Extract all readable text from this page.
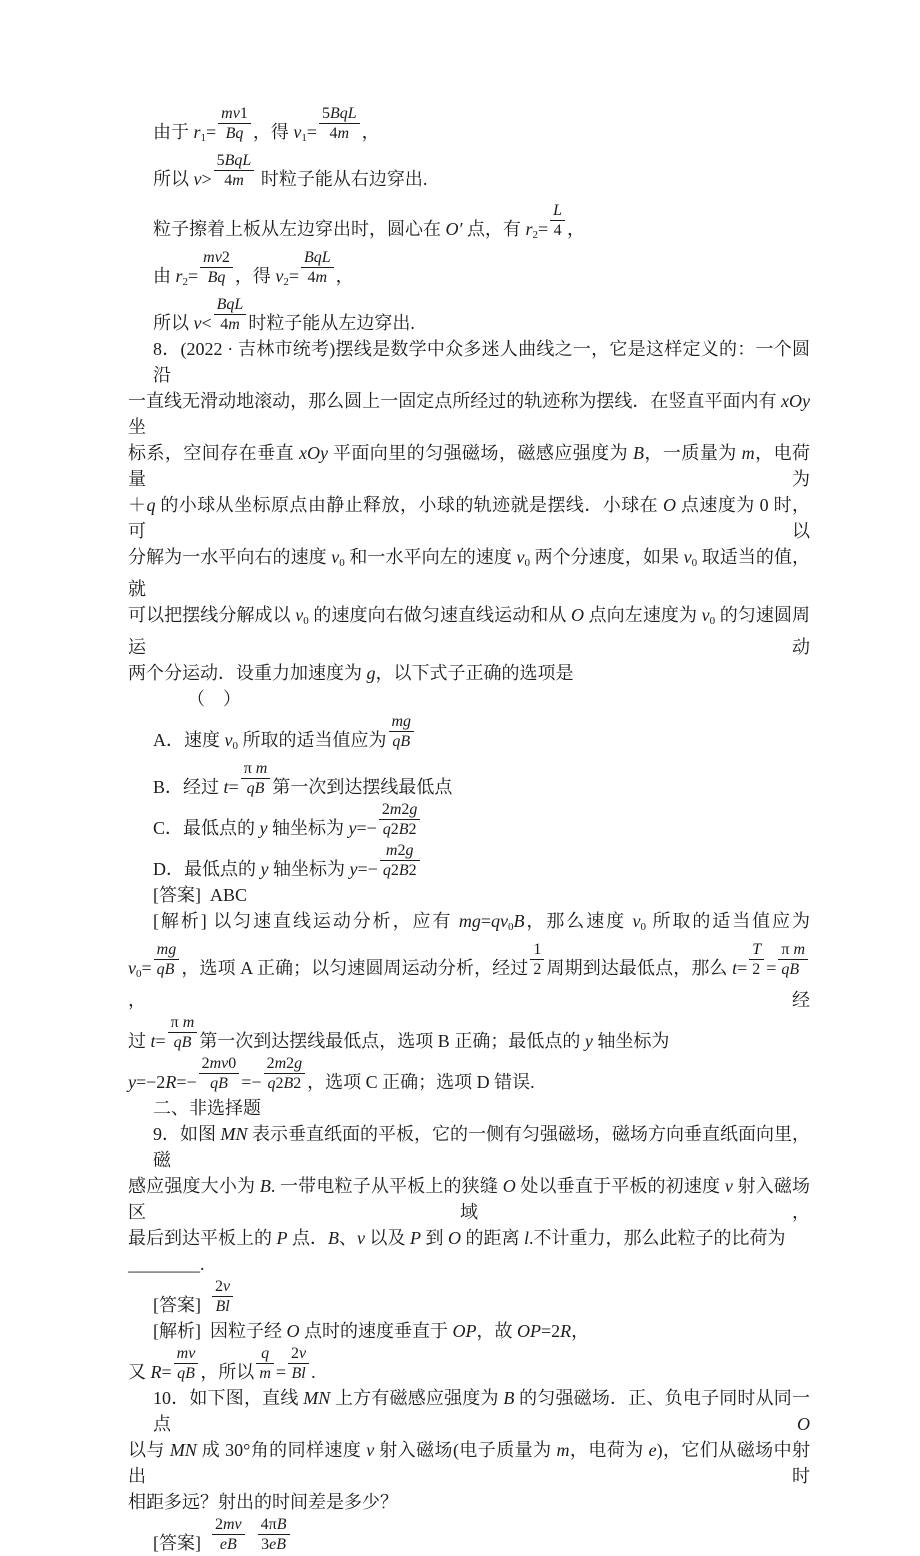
由于 $r1= \frac{mv1}{Bq}$ ，得 $v1= \frac{\text{5BqL}}{4m}$ ，
所以 $v> \frac{\text{5BqL}}{4m}$ 时粒子能从右边穿出.
粒子擦着上板从左边穿出时，圆心在 O′ 点，有 $r2= \frac{L}{4}$ ，
由 $r2= \frac{mv2}{Bq}$ ，得 $v2= \frac{\text{BqL}}{4m}$ ，
所以 $v< \frac{\text{BqL}}{4m}$ 时粒子能从左边穿出.
8．(2022 · 吉林市统考)摆线是数学中众多迷人曲线之一，它是这样定义的：一个圆沿
一直线无滑动地滚动，那么圆上一固定点所经过的轨迹称为摆线．在竖直平面内有 xOy 坐
标系，空间存在垂直 xOy 平面向里的匀强磁场，磁感应强度为 B，一质量为 m，电荷量为
＋q 的小球从坐标原点由静止释放，小球的轨迹就是摆线．小球在 O 点速度为 0 时，可以
分解为一水平向右的速度 v0 和一水平向左的速度 v0 两个分速度，如果 v0 取适当的值，就
可以把摆线分解成以 v0 的速度向右做匀速直线运动和从 O 点向左速度为 v0 的匀速圆周运动
两个分运动．设重力加速度为 g，以下式子正确的选项是
（    ）
A．速度 v0 所取的适当值应为 $\frac{mg}{qB}$
B．经过 $t= \frac{\text{π m}}{qB}$ 第一次到达摆线最低点
C．最低点的 y 轴坐标为 $y=- \frac{2m2g}{q2B2}$
D．最低点的 y 轴坐标为 $y=- \frac{m2g}{q2B2}$
[答案]  ABC
[解析] 以匀速直线运动分析，应有 mg=qv0B，那么速度 v0 所取的适当值应为
$v0= \frac{mg}{qB}$ ，选项 A 正确；以匀速圆周运动分析，经过 $\frac{1}{2}$ 周期到达最低点，那么 $t= \frac{T}{2} = \frac{\text{π m}}{qB}$
，经
过 $t= \frac{\text{π m}}{qB}$ 第一次到达摆线最低点，选项 B 正确；最低点的 y 轴坐标为
$y=-2R=- \frac{2mv0}{qB} =- \frac{2m2g}{q2B2}$ ，选项 C 正确；选项 D 错误.
二、非选择题
9．如图 MN 表示垂直纸面的平板，它的一侧有匀强磁场，磁场方向垂直纸面向里，磁
感应强度大小为 B. 一带电粒子从平板上的狭缝 O 处以垂直于平板的初速度 v 射入磁场区域，
最后到达平板上的 P 点．B、v 以及 P 到 O 的距离 l.不计重力，那么此粒子的比荷为
________.
[答案] $\frac{2v}{Bl}$
[解析]  因粒子经 O 点时的速度垂直于 OP，故 OP=2R，
又 $R= \frac{mv}{qB}$ ，所以 $\frac{q}{m} = \frac{2v}{Bl}$ .
10．如下图，直线 MN 上方有磁感应强度为 B 的匀强磁场．正、负电子同时从同一点 O
以与 MN 成 30°角的同样速度 v 射入磁场(电子质量为 m，电荷为 e)，它们从磁场中射出时
相距多远？射出的时间差是多少？
[答案] $\frac{2mv}{eB}$
$\frac{4\pi B}{3eB}$
